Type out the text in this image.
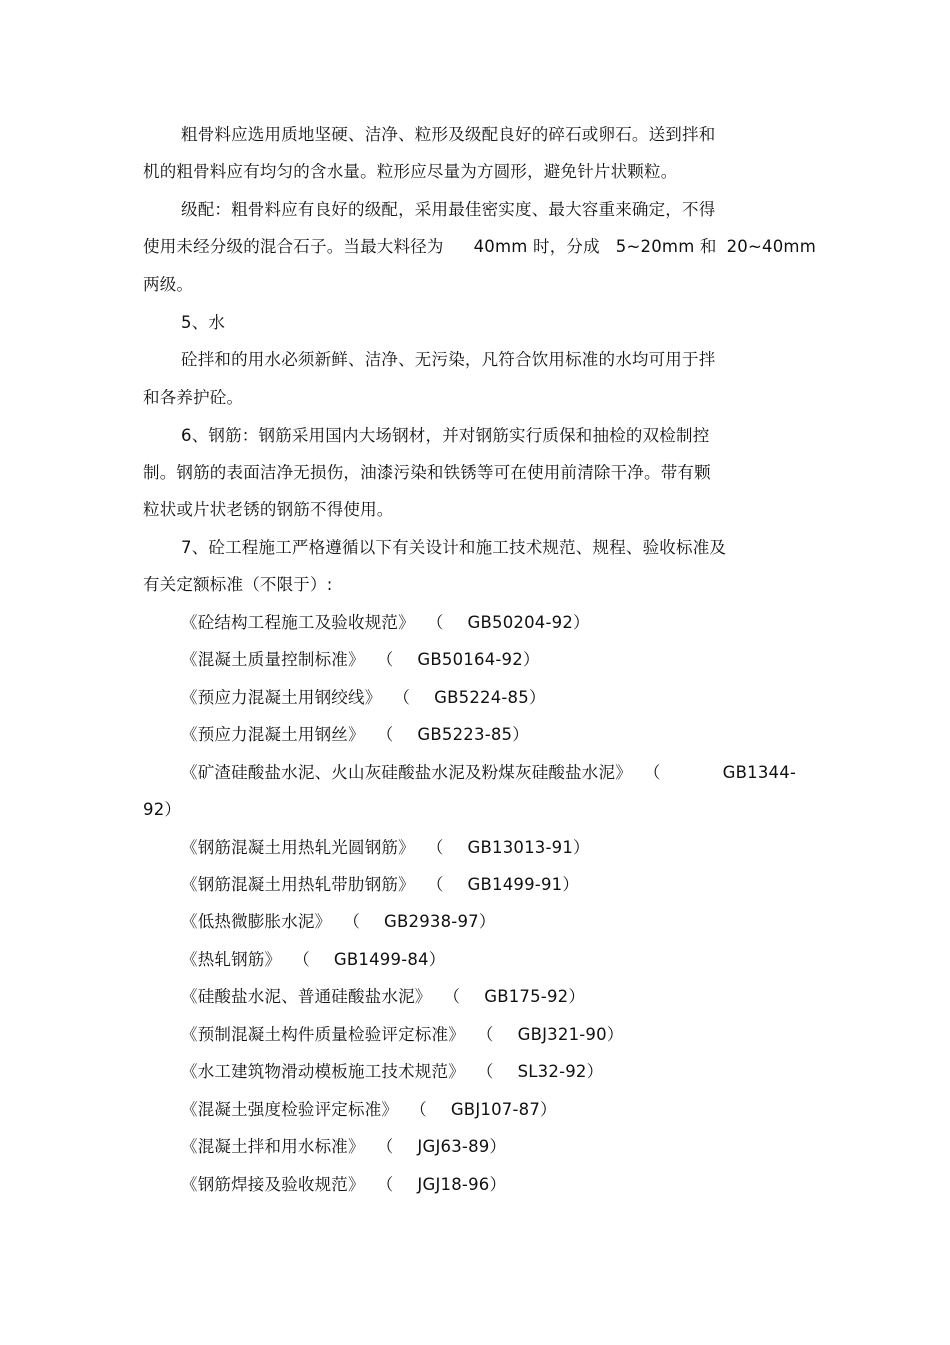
粗骨料应选用质地坚硬、洁净、粒形及级配良好的碎石或卵石。送到拌和
机的粗骨料应有均匀的含水量。粒形应尽量为方圆形，避免针片状颗粒。
级配：粗骨料应有良好的级配，采用最佳密实度、最大容重来确定，不得
使用未经分级的混合石子。当最大料径为 40mm 时，分成 5~20mm 和 20~40mm
两级。
5、水
砼拌和的用水必须新鲜、洁净、无污染，凡符合饮用标准的水均可用于拌
和各养护砼。
6、钢筋：钢筋采用国内大场钢材，并对钢筋实行质保和抽检的双检制控
制。钢筋的表面洁净无损伤，油漆污染和铁锈等可在使用前清除干净。带有颗
粒状或片状老锈的钢筋不得使用。
7、砼工程施工严格遵循以下有关设计和施工技术规范、规程、验收标准及
有关定额标准（不限于）:
《砼结构工程施工及验收规范》 （ GB50204-92）
《混凝土质量控制标准》 （ GB50164-92）
《预应力混凝土用钢绞线》 （ GB5224-85）
《预应力混凝土用钢丝》 （ GB5223-85）
《矿渣硅酸盐水泥、火山灰硅酸盐水泥及粉煤灰硅酸盐水泥》 （	GB1344-
92）
《钢筋混凝土用热轧光圆钢筋》 （ GB13013-91）
《钢筋混凝土用热轧带肋钢筋》 （ GB1499-91）
《低热微膨胀水泥》 （ GB2938-97）
《热轧钢筋》 （ GB1499-84）
《硅酸盐水泥、普通硅酸盐水泥》 （ GB175-92）
《预制混凝土构件质量检验评定标准》 （ GBJ321-90）
《水工建筑物滑动模板施工技术规范》 （ SL32-92）
《混凝土强度检验评定标准》 （ GBJ107-87）
《混凝土拌和用水标准》 （ JGJ63-89）
《钢筋焊接及验收规范》 （ JGJ18-96）
